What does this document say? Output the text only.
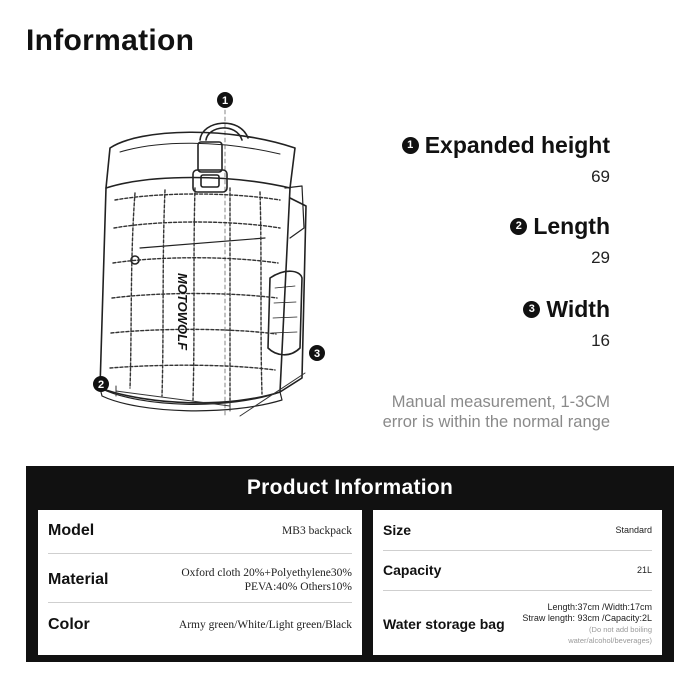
Information
1
MOTOWOLF
2
3
1 Expanded height
69
2 Length
29
3 Width
16
Manual measurement, 1-3CM
error is within the normal range
Product Information
Model	MB3 backpack
Material	Oxford cloth 20%+Polyethylene30%
PEVA:40% Others10%
Color	Army green/White/Light green/Black
Size	Standard
Capacity	21L
Water storage bag
Length:37cm /Width:17cm
Straw length: 93cm /Capacity:2L
(Do not add boiling water/alcohol/beverages)
